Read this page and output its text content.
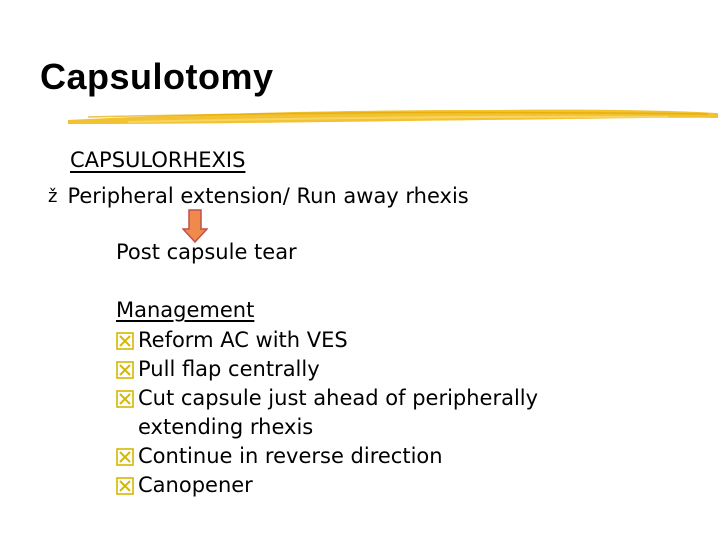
Capsulotomy
CAPSULORHEXIS
ž Peripheral extension/ Run away rhexis
Post capsule tear
Management
Reform AC with VES
Pull flap centrally
Cut capsule just ahead of peripherally extending rhexis
Continue in reverse direction
Canopener
